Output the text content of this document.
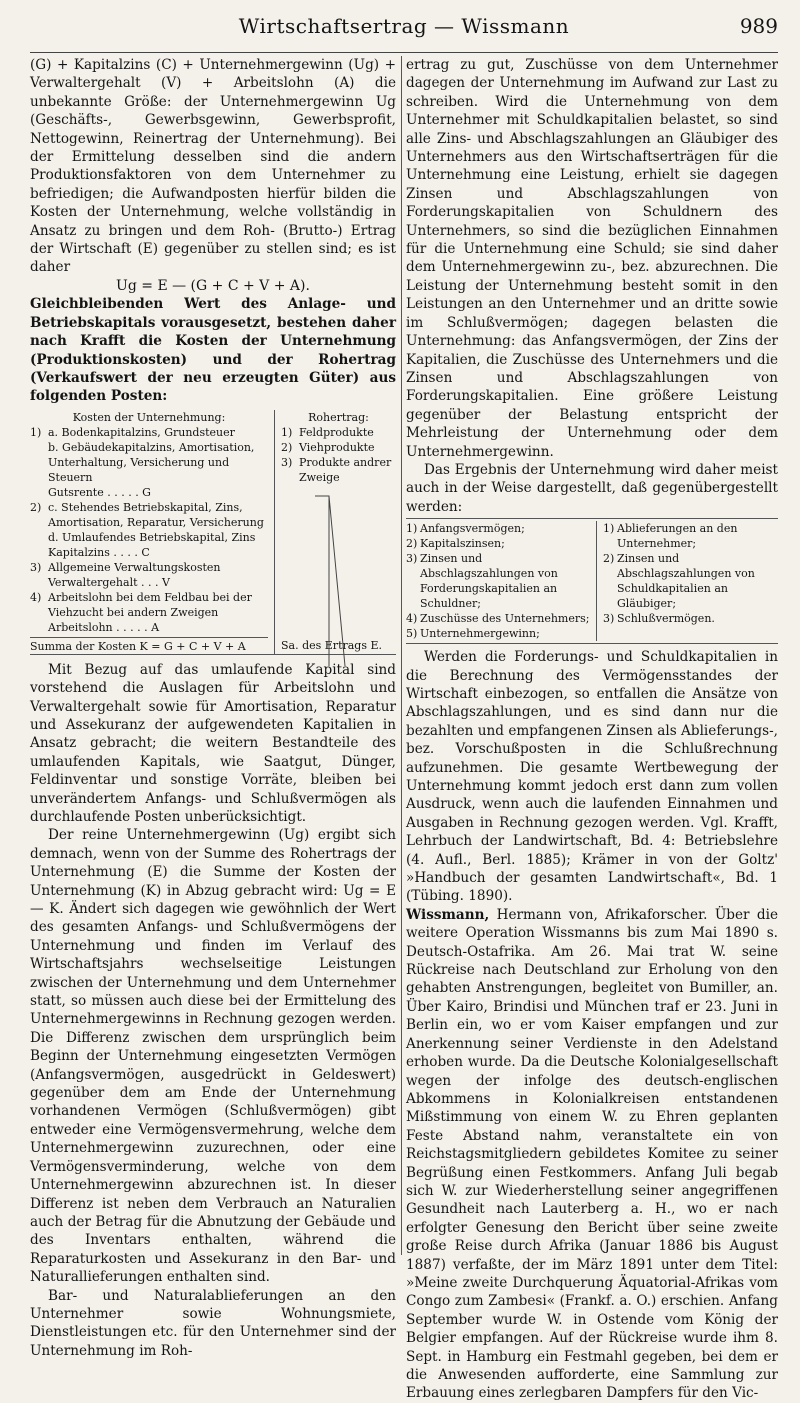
Wirtschaftsertrag — Wissmann	989

(G) + Kapitalzins (C) + Unternehmergewinn (Ug) + Verwaltergehalt (V) + Arbeitslohn (A) die unbekannte Größe: der Unternehmergewinn Ug (Geschäfts-, Gewerbsgewinn, Gewerbsprofit, Nettogewinn, Reinertrag der Unternehmung). Bei der Ermittelung desselben sind die andern Produktionsfaktoren von dem Unternehmer zu befriedigen; die Aufwandposten hierfür bilden die Kosten der Unternehmung, welche vollständig in Ansatz zu bringen und dem Roh- (Brutto-) Ertrag der Wirtschaft (E) gegenüber zu stellen sind; es ist daher

Ug = E — (G + C + V + A).

Gleichbleibenden Wert des Anlage- und Betriebskapitals vorausgesetzt, bestehen daher nach Krafft die Kosten der Unternehmung (Produktionskosten) und der Rohertrag (Verkaufswert der neu erzeugten Güter) aus folgenden Posten:

Kosten der Unternehmung:
1) a. Bodenkapitalzins, Grundsteuer
b. Gebäudekapitalzins, Amortisation, Unterhaltung, Versicherung und Steuern
Gutsrente . . . . . G
2) c. Stehendes Betriebskapital, Zins, Amortisation, Reparatur, Versicherung
d. Umlaufendes Betriebskapital, Zins
Kapitalzins . . . . C
3) Allgemeine Verwaltungskosten
Verwaltergehalt . . . V
4) Arbeitslohn bei dem Feldbau bei der Viehzucht bei andern Zweigen
Arbeitslohn . . . . . A
Summa der Kosten K = G + C + V + A
Rohertrag:
1) Feldprodukte
2) Viehprodukte
3) Produkte andrer Zweige
Sa. des Ertrags E.

Mit Bezug auf das umlaufende Kapital sind vorstehend die Auslagen für Arbeitslohn und Verwaltergehalt sowie für Amortisation, Reparatur und Assekuranz der aufgewendeten Kapitalien in Ansatz gebracht; die weitern Bestandteile des umlaufenden Kapitals, wie Saatgut, Dünger, Feldinventar und sonstige Vorräte, bleiben bei unverändertem Anfangs- und Schlußvermögen als durchlaufende Posten unberücksichtigt.

Der reine Unternehmergewinn (Ug) ergibt sich demnach, wenn von der Summe des Rohertrags der Unternehmung (E) die Summe der Kosten der Unternehmung (K) in Abzug gebracht wird: Ug = E — K. Ändert sich dagegen wie gewöhnlich der Wert des gesamten Anfangs- und Schlußvermögens der Unternehmung und finden im Verlauf des Wirtschaftsjahrs wechselseitige Leistungen zwischen der Unternehmung und dem Unternehmer statt, so müssen auch diese bei der Ermittelung des Unternehmergewinns in Rechnung gezogen werden. Die Differenz zwischen dem ursprünglich beim Beginn der Unternehmung eingesetzten Vermögen (Anfangsvermögen, ausgedrückt in Geldeswert) gegenüber dem am Ende der Unternehmung vorhandenen Vermögen (Schlußvermögen) gibt entweder eine Vermögensvermehrung, welche dem Unternehmergewinn zuzurechnen, oder eine Vermögensverminderung, welche von dem Unternehmergewinn abzurechnen ist. In dieser Differenz ist neben dem Verbrauch an Naturalien auch der Betrag für die Abnutzung der Gebäude und des Inventars enthalten, während die Reparaturkosten und Assekuranz in den Bar- und Naturallieferungen enthalten sind.

Bar- und Naturalablieferungen an den Unternehmer sowie Wohnungsmiete, Dienstleistungen etc. für den Unternehmer sind der Unternehmung im Roh-

ertrag zu gut, Zuschüsse von dem Unternehmer dagegen der Unternehmung im Aufwand zur Last zu schreiben. Wird die Unternehmung von dem Unternehmer mit Schuldkapitalien belastet, so sind alle Zins- und Abschlagszahlungen an Gläubiger des Unternehmers aus den Wirtschaftserträgen für die Unternehmung eine Leistung, erhielt sie dagegen Zinsen und Abschlagszahlungen von Forderungskapitalien von Schuldnern des Unternehmers, so sind die bezüglichen Einnahmen für die Unternehmung eine Schuld; sie sind daher dem Unternehmergewinn zu-, bez. abzurechnen. Die Leistung der Unternehmung besteht somit in den Leistungen an den Unternehmer und an dritte sowie im Schlußvermögen; dagegen belasten die Unternehmung: das Anfangsvermögen, der Zins der Kapitalien, die Zuschüsse des Unternehmers und die Zinsen und Abschlagszahlungen von Forderungskapitalien. Eine größere Leistung gegenüber der Belastung entspricht der Mehrleistung der Unternehmung oder dem Unternehmergewinn.

Das Ergebnis der Unternehmung wird daher meist auch in der Weise dargestellt, daß gegenübergestellt werden:

1) Anfangsvermögen;
2) Kapitalszinsen;
3) Zinsen und Abschlagszahlungen von Forderungskapitalien an Schuldner;
4) Zuschüsse des Unternehmers;
5) Unternehmergewinn;
1) Ablieferungen an den Unternehmer;
2) Zinsen und Abschlagszahlungen von Schuldkapitalien an Gläubiger;
3) Schlußvermögen.

Werden die Forderungs- und Schuldkapitalien in die Berechnung des Vermögensstandes der Wirtschaft einbezogen, so entfallen die Ansätze von Abschlagszahlungen, und es sind dann nur die bezahlten und empfangenen Zinsen als Ablieferungs-, bez. Vorschußposten in die Schlußrechnung aufzunehmen. Die gesamte Wertbewegung der Unternehmung kommt jedoch erst dann zum vollen Ausdruck, wenn auch die laufenden Einnahmen und Ausgaben in Rechnung gezogen werden. Vgl. Krafft, Lehrbuch der Landwirtschaft, Bd. 4: Betriebslehre (4. Aufl., Berl. 1885); Krämer in von der Goltz' »Handbuch der gesamten Landwirtschaft«, Bd. 1 (Tübing. 1890).

Wissmann, Hermann von, Afrikaforscher. Über die weitere Operation Wissmanns bis zum Mai 1890 s. Deutsch-Ostafrika. Am 26. Mai trat W. seine Rückreise nach Deutschland zur Erholung von den gehabten Anstrengungen, begleitet von Bumiller, an. Über Kairo, Brindisi und München traf er 23. Juni in Berlin ein, wo er vom Kaiser empfangen und zur Anerkennung seiner Verdienste in den Adelstand erhoben wurde. Da die Deutsche Kolonialgesellschaft wegen der infolge des deutsch-englischen Abkommens in Kolonialkreisen entstandenen Mißstimmung von einem W. zu Ehren geplanten Feste Abstand nahm, veranstaltete ein von Reichstagsmitgliedern gebildetes Komitee zu seiner Begrüßung einen Festkommers. Anfang Juli begab sich W. zur Wiederherstellung seiner angegriffenen Gesundheit nach Lauterberg a. H., wo er nach erfolgter Genesung den Bericht über seine zweite große Reise durch Afrika (Januar 1886 bis August 1887) verfaßte, der im März 1891 unter dem Titel: »Meine zweite Durchquerung Äquatorial-Afrikas vom Congo zum Zambesi« (Frankf. a. O.) erschien. Anfang September wurde W. in Ostende vom König der Belgier empfangen. Auf der Rückreise wurde ihm 8. Sept. in Hamburg ein Festmahl gegeben, bei dem er die Anwesenden aufforderte, eine Sammlung zur Erbauung eines zerlegbaren Dampfers für den Vic-
